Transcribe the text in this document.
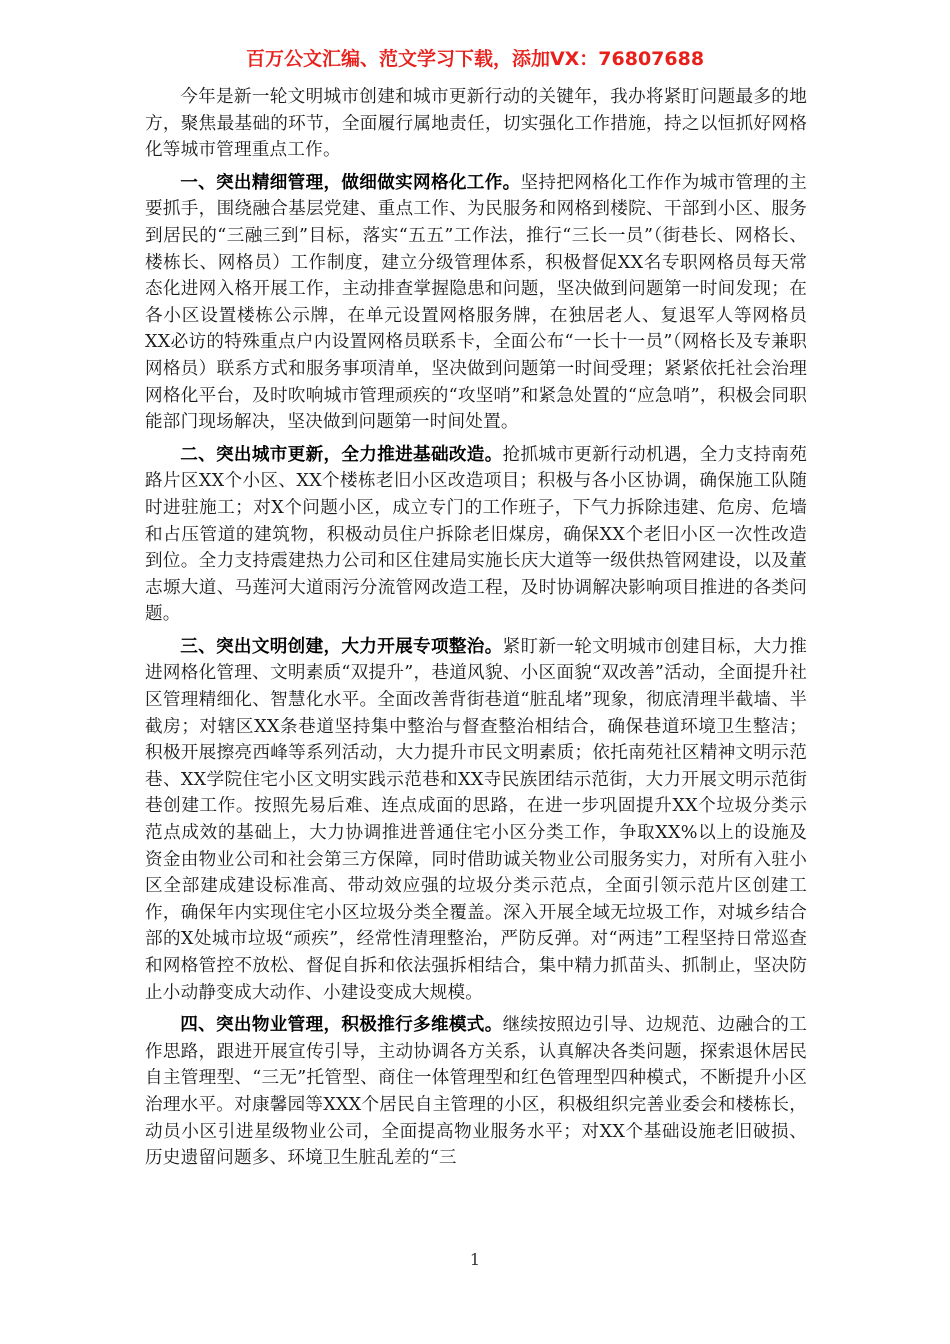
百万公文汇编、范文学习下载，添加VX：76807688

今年是新一轮文明城市创建和城市更新行动的关键年，我办将紧盯问题最多的地方，聚焦最基础的环节，全面履行属地责任，切实强化工作措施，持之以恒抓好网格化等城市管理重点工作。

一、突出精细管理，做细做实网格化工作。坚持把网格化工作作为城市管理的主要抓手，围绕融合基层党建、重点工作、为民服务和网格到楼院、干部到小区、服务到居民的“三融三到”目标，落实“五五”工作法，推行“三长一员”（街巷长、网格长、楼栋长、网格员）工作制度，建立分级管理体系，积极督促XX名专职网格员每天常态化进网入格开展工作，主动排查掌握隐患和问题，坚决做到问题第一时间发现；在各小区设置楼栋公示牌，在单元设置网格服务牌，在独居老人、复退军人等网格员XX必访的特殊重点户内设置网格员联系卡，全面公布“一长十一员”（网格长及专兼职网格员）联系方式和服务事项清单，坚决做到问题第一时间受理；紧紧依托社会治理网格化平台，及时吹响城市管理顽疾的“攻坚哨”和紧急处置的“应急哨”，积极会同职能部门现场解决，坚决做到问题第一时间处置。

二、突出城市更新，全力推进基础改造。抢抓城市更新行动机遇，全力支持南苑路片区XX个小区、XX个楼栋老旧小区改造项目；积极与各小区协调，确保施工队随时进驻施工；对X个问题小区，成立专门的工作班子，下气力拆除违建、危房、危墙和占压管道的建筑物，积极动员住户拆除老旧煤房，确保XX个老旧小区一次性改造到位。全力支持震建热力公司和区住建局实施长庆大道等一级供热管网建设，以及董志塬大道、马莲河大道雨污分流管网改造工程，及时协调解决影响项目推进的各类问题。

三、突出文明创建，大力开展专项整治。紧盯新一轮文明城市创建目标，大力推进网格化管理、文明素质“双提升”，巷道风貌、小区面貌“双改善”活动，全面提升社区管理精细化、智慧化水平。全面改善背街巷道“脏乱堵”现象，彻底清理半截墙、半截房；对辖区XX条巷道坚持集中整治与督查整治相结合，确保巷道环境卫生整洁；积极开展擦亮西峰等系列活动，大力提升市民文明素质；依托南苑社区精神文明示范巷、XX学院住宅小区文明实践示范巷和XX寺民族团结示范街，大力开展文明示范街巷创建工作。按照先易后难、连点成面的思路，在进一步巩固提升XX个垃圾分类示范点成效的基础上，大力协调推进普通住宅小区分类工作，争取XX%以上的设施及资金由物业公司和社会第三方保障，同时借助诚关物业公司服务实力，对所有入驻小区全部建成建设标准高、带动效应强的垃圾分类示范点，全面引领示范片区创建工作，确保年内实现住宅小区垃圾分类全覆盖。深入开展全域无垃圾工作，对城乡结合部的X处城市垃圾“顽疾”，经常性清理整治，严防反弹。对“两违”工程坚持日常巡查和网格管控不放松、督促自拆和依法强拆相结合，集中精力抓苗头、抓制止，坚决防止小动静变成大动作、小建设变成大规模。

四、突出物业管理，积极推行多维模式。继续按照边引导、边规范、边融合的工作思路，跟进开展宣传引导，主动协调各方关系，认真解决各类问题，探索退休居民自主管理型、“三无”托管型、商住一体管理型和红色管理型四种模式，不断提升小区治理水平。对康馨园等XXX个居民自主管理的小区，积极组织完善业委会和楼栋长，动员小区引进星级物业公司，全面提高物业服务水平；对XX个基础设施老旧破损、历史遗留问题多、环境卫生脏乱差的“三

1
